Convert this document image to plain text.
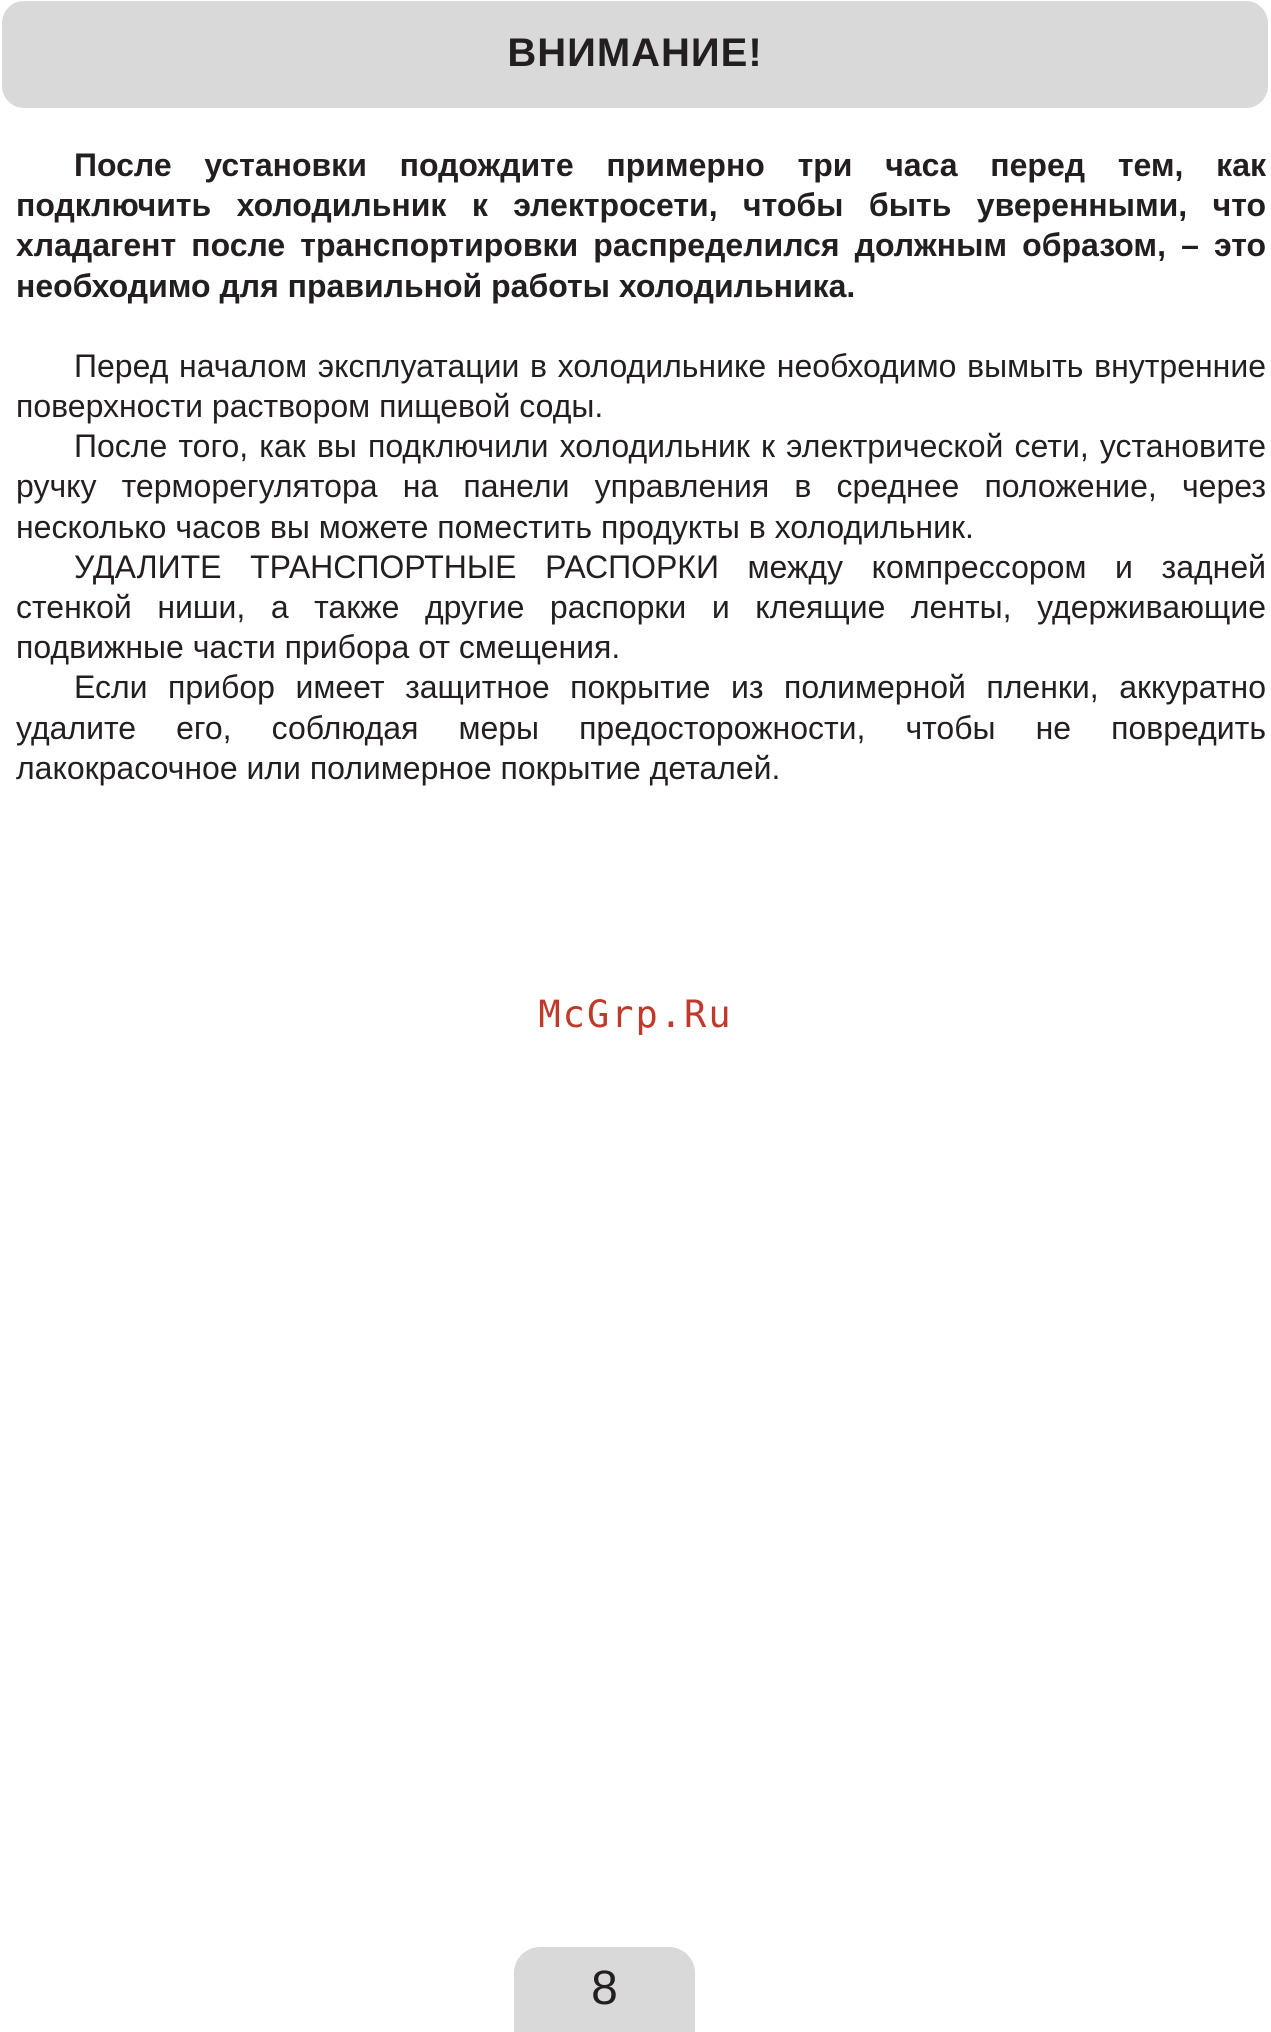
ВНИМАНИЕ!

После установки подождите примерно три часа перед тем, как подключить холодильник к электросети, чтобы быть уверенными, что хладагент после транспортировки распределился должным образом, – это необходимо для правильной работы холодильника.

Перед началом эксплуатации в холодильнике необходимо вымыть внутренние поверхности раствором пищевой соды.

После того, как вы подключили холодильник к электрической сети, установите ручку терморегулятора на панели управления в среднее положение, через несколько часов вы можете поместить продукты в холодильник.

УДАЛИТЕ ТРАНСПОРТНЫЕ РАСПОРКИ между компрессором и задней стенкой ниши, а также другие распорки и клеящие ленты, удерживающие подвижные части прибора от смещения.

Если прибор имеет защитное покрытие из полимерной пленки, аккуратно удалите его, соблюдая меры предосторожности, чтобы не повредить лакокрасочное или полимерное покрытие деталей.

McGrp.Ru
8
